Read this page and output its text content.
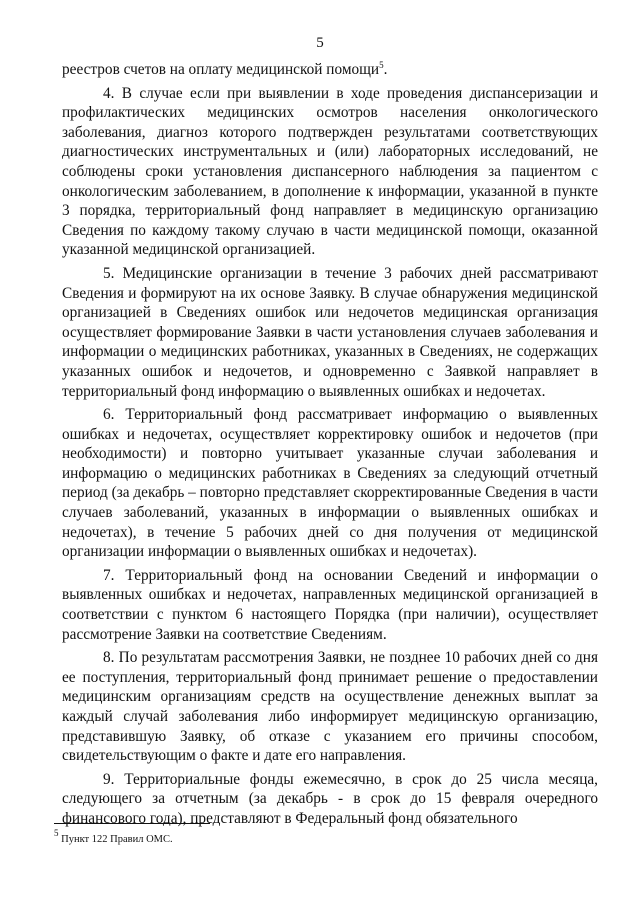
5

реестров счетов на оплату медицинской помощи$^5$.

4. В случае если при выявлении в ходе проведения диспансеризации и профилактических медицинских осмотров населения онкологического заболевания, диагноз которого подтвержден результатами соответствующих диагностических инструментальных и (или) лабораторных исследований, не соблюдены сроки установления диспансерного наблюдения за пациентом с онкологическим заболеванием, в дополнение к информации, указанной в пункте 3 порядка, территориальный фонд направляет в медицинскую организацию Сведения по каждому такому случаю в части медицинской помощи, оказанной указанной медицинской организацией.

5. Медицинские организации в течение 3 рабочих дней рассматривают Сведения и формируют на их основе Заявку. В случае обнаружения медицинской организацией в Сведениях ошибок или недочетов медицинская организация осуществляет формирование Заявки в части установления случаев заболевания и информации о медицинских работниках, указанных в Сведениях, не содержащих указанных ошибок и недочетов, и одновременно с Заявкой направляет в территориальный фонд информацию о выявленных ошибках и недочетах.

6. Территориальный фонд рассматривает информацию о выявленных ошибках и недочетах, осуществляет корректировку ошибок и недочетов (при необходимости) и повторно учитывает указанные случаи заболевания и информацию о медицинских работниках в Сведениях за следующий отчетный период (за декабрь – повторно представляет скорректированные Сведения в части случаев заболеваний, указанных в информации о выявленных ошибках и недочетах), в течение 5 рабочих дней со дня получения от медицинской организации информации о выявленных ошибках и недочетах).

7. Территориальный фонд на основании Сведений и информации о выявленных ошибках и недочетах, направленных медицинской организацией в соответствии с пунктом 6 настоящего Порядка (при наличии), осуществляет рассмотрение Заявки на соответствие Сведениям.

8. По результатам рассмотрения Заявки, не позднее 10 рабочих дней со дня ее поступления, территориальный фонд принимает решение о предоставлении медицинским организациям средств на осуществление денежных выплат за каждый случай заболевания либо информирует медицинскую организацию, представившую Заявку, об отказе с указанием его причины способом, свидетельствующим о факте и дате его направления.

9. Территориальные фонды ежемесячно, в срок до 25 числа месяца, следующего за отчетным (за декабрь - в срок до 15 февраля очередного финансового года), представляют в Федеральный фонд обязательного

$^5$ Пункт 122 Правил ОМС.
